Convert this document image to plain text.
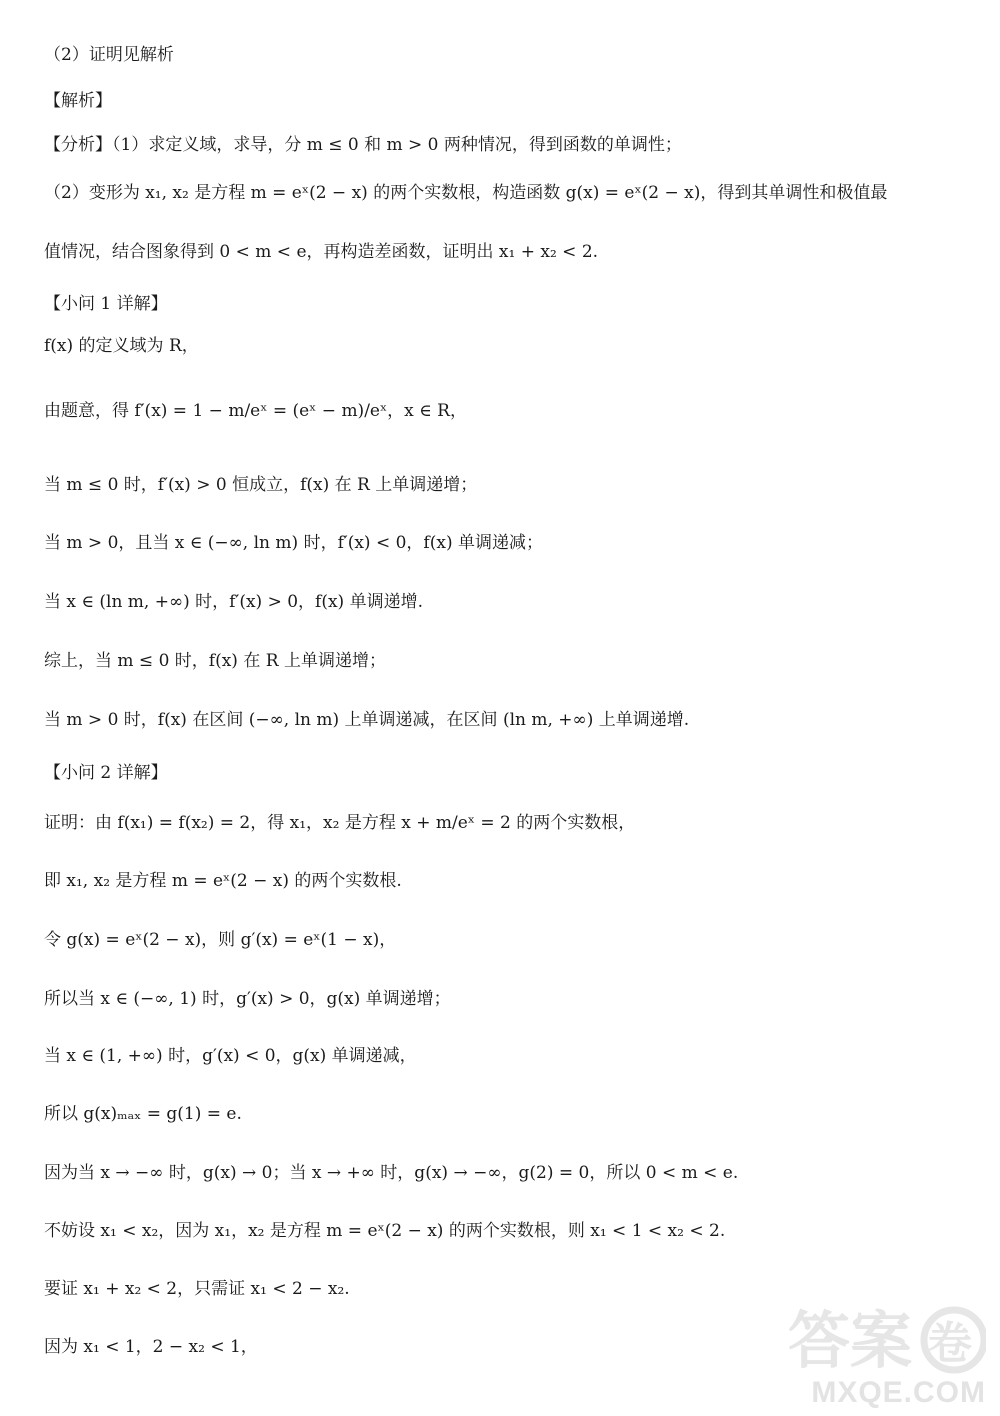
（2）证明见解析
【解析】
【分析】（1）求定义域，求导，分 m ≤ 0 和 m > 0 两种情况，得到函数的单调性；
（2）变形为 x₁, x₂ 是方程 m = eˣ(2 − x) 的两个实数根，构造函数 g(x) = eˣ(2 − x)，得到其单调性和极值最
值情况，结合图象得到 0 < m < e，再构造差函数，证明出 x₁ + x₂ < 2.
【小问 1 详解】
f(x) 的定义域为 R，
由题意，得 f′(x) = 1 − m/eˣ = (eˣ − m)/eˣ，x ∈ R，
当 m ≤ 0 时，f′(x) > 0 恒成立，f(x) 在 R 上单调递增；
当 m > 0，且当 x ∈ (−∞, ln m) 时，f′(x) < 0，f(x) 单调递减；
当 x ∈ (ln m, +∞) 时，f′(x) > 0，f(x) 单调递增.
综上，当 m ≤ 0 时，f(x) 在 R 上单调递增；
当 m > 0 时，f(x) 在区间 (−∞, ln m) 上单调递减，在区间 (ln m, +∞) 上单调递增.
【小问 2 详解】
证明：由 f(x₁) = f(x₂) = 2，得 x₁，x₂ 是方程 x + m/eˣ = 2 的两个实数根，
即 x₁, x₂ 是方程 m = eˣ(2 − x) 的两个实数根.
令 g(x) = eˣ(2 − x)，则 g′(x) = eˣ(1 − x)，
所以当 x ∈ (−∞, 1) 时，g′(x) > 0，g(x) 单调递增；
当 x ∈ (1, +∞) 时，g′(x) < 0，g(x) 单调递减，
所以 g(x)ₘₐₓ = g(1) = e.
因为当 x → −∞ 时，g(x) → 0；当 x → +∞ 时，g(x) → −∞，g(2) = 0，所以 0 < m < e.
不妨设 x₁ < x₂，因为 x₁，x₂ 是方程 m = eˣ(2 − x) 的两个实数根，则 x₁ < 1 < x₂ < 2.
要证 x₁ + x₂ < 2，只需证 x₁ < 2 − x₂.
因为 x₁ < 1，2 − x₂ < 1，	答案 卷
MXQE.COM
